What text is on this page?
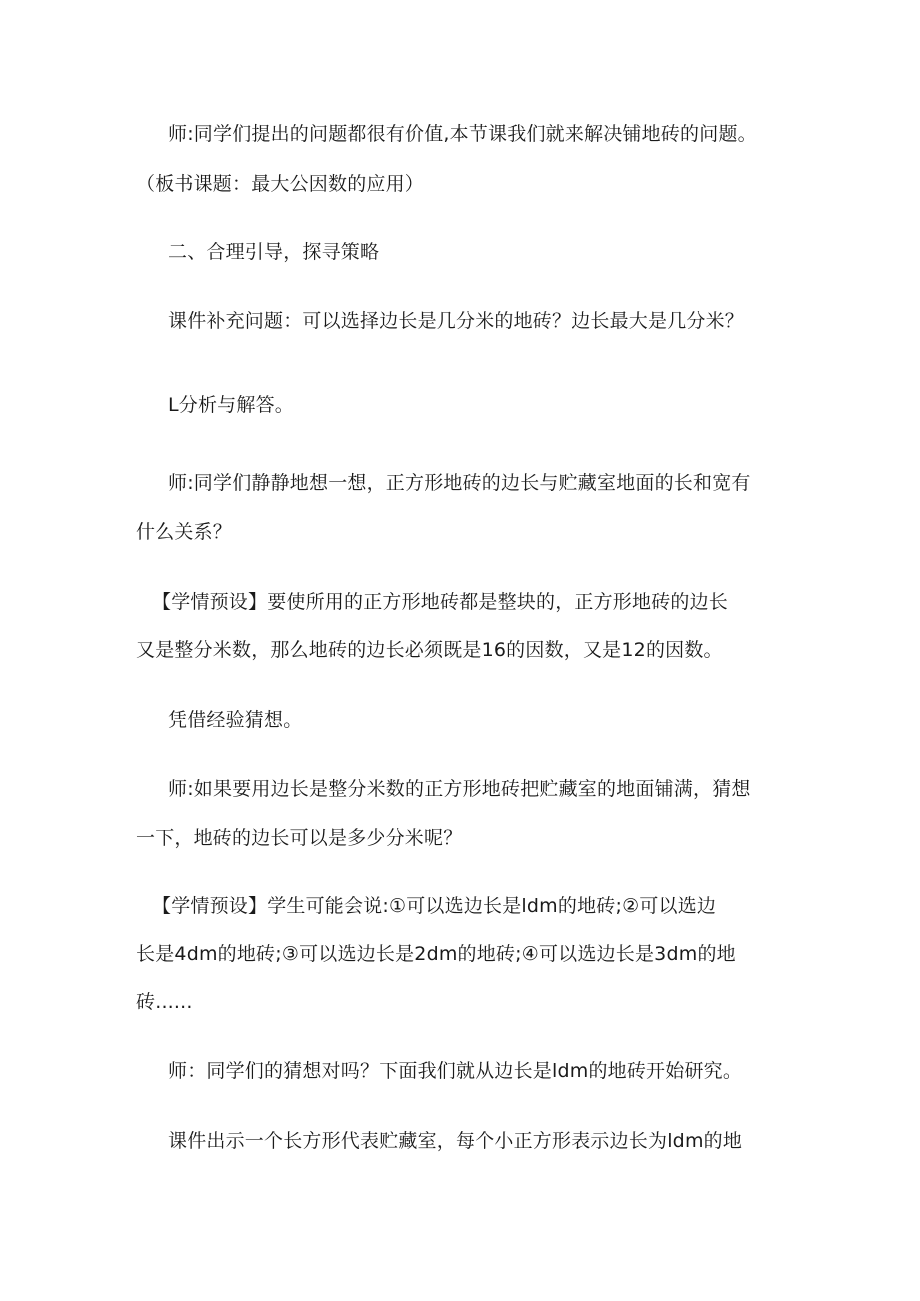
师:同学们提出的问题都很有价值,本节课我们就来解决铺地砖的问题。
（板书课题：最大公因数的应用）
二、合理引导，探寻策略
课件补充问题：可以选择边长是几分米的地砖？边长最大是几分米？
L分析与解答。
师:同学们静静地想一想，正方形地砖的边长与贮藏室地面的长和宽有
什么关系？
【学情预设】要使所用的正方形地砖都是整块的，正方形地砖的边长
又是整分米数，那么地砖的边长必须既是16的因数，又是12的因数。
凭借经验猜想。
师:如果要用边长是整分米数的正方形地砖把贮藏室的地面铺满，猜想
一下，地砖的边长可以是多少分米呢？
【学情预设】学生可能会说:①可以选边长是ldm的地砖;②可以选边
长是4dm的地砖;③可以选边长是2dm的地砖;④可以选边长是3dm的地
砖......
师：同学们的猜想对吗？下面我们就从边长是ldm的地砖开始研究。
课件出示一个长方形代表贮藏室，每个小正方形表示边长为ldm的地
